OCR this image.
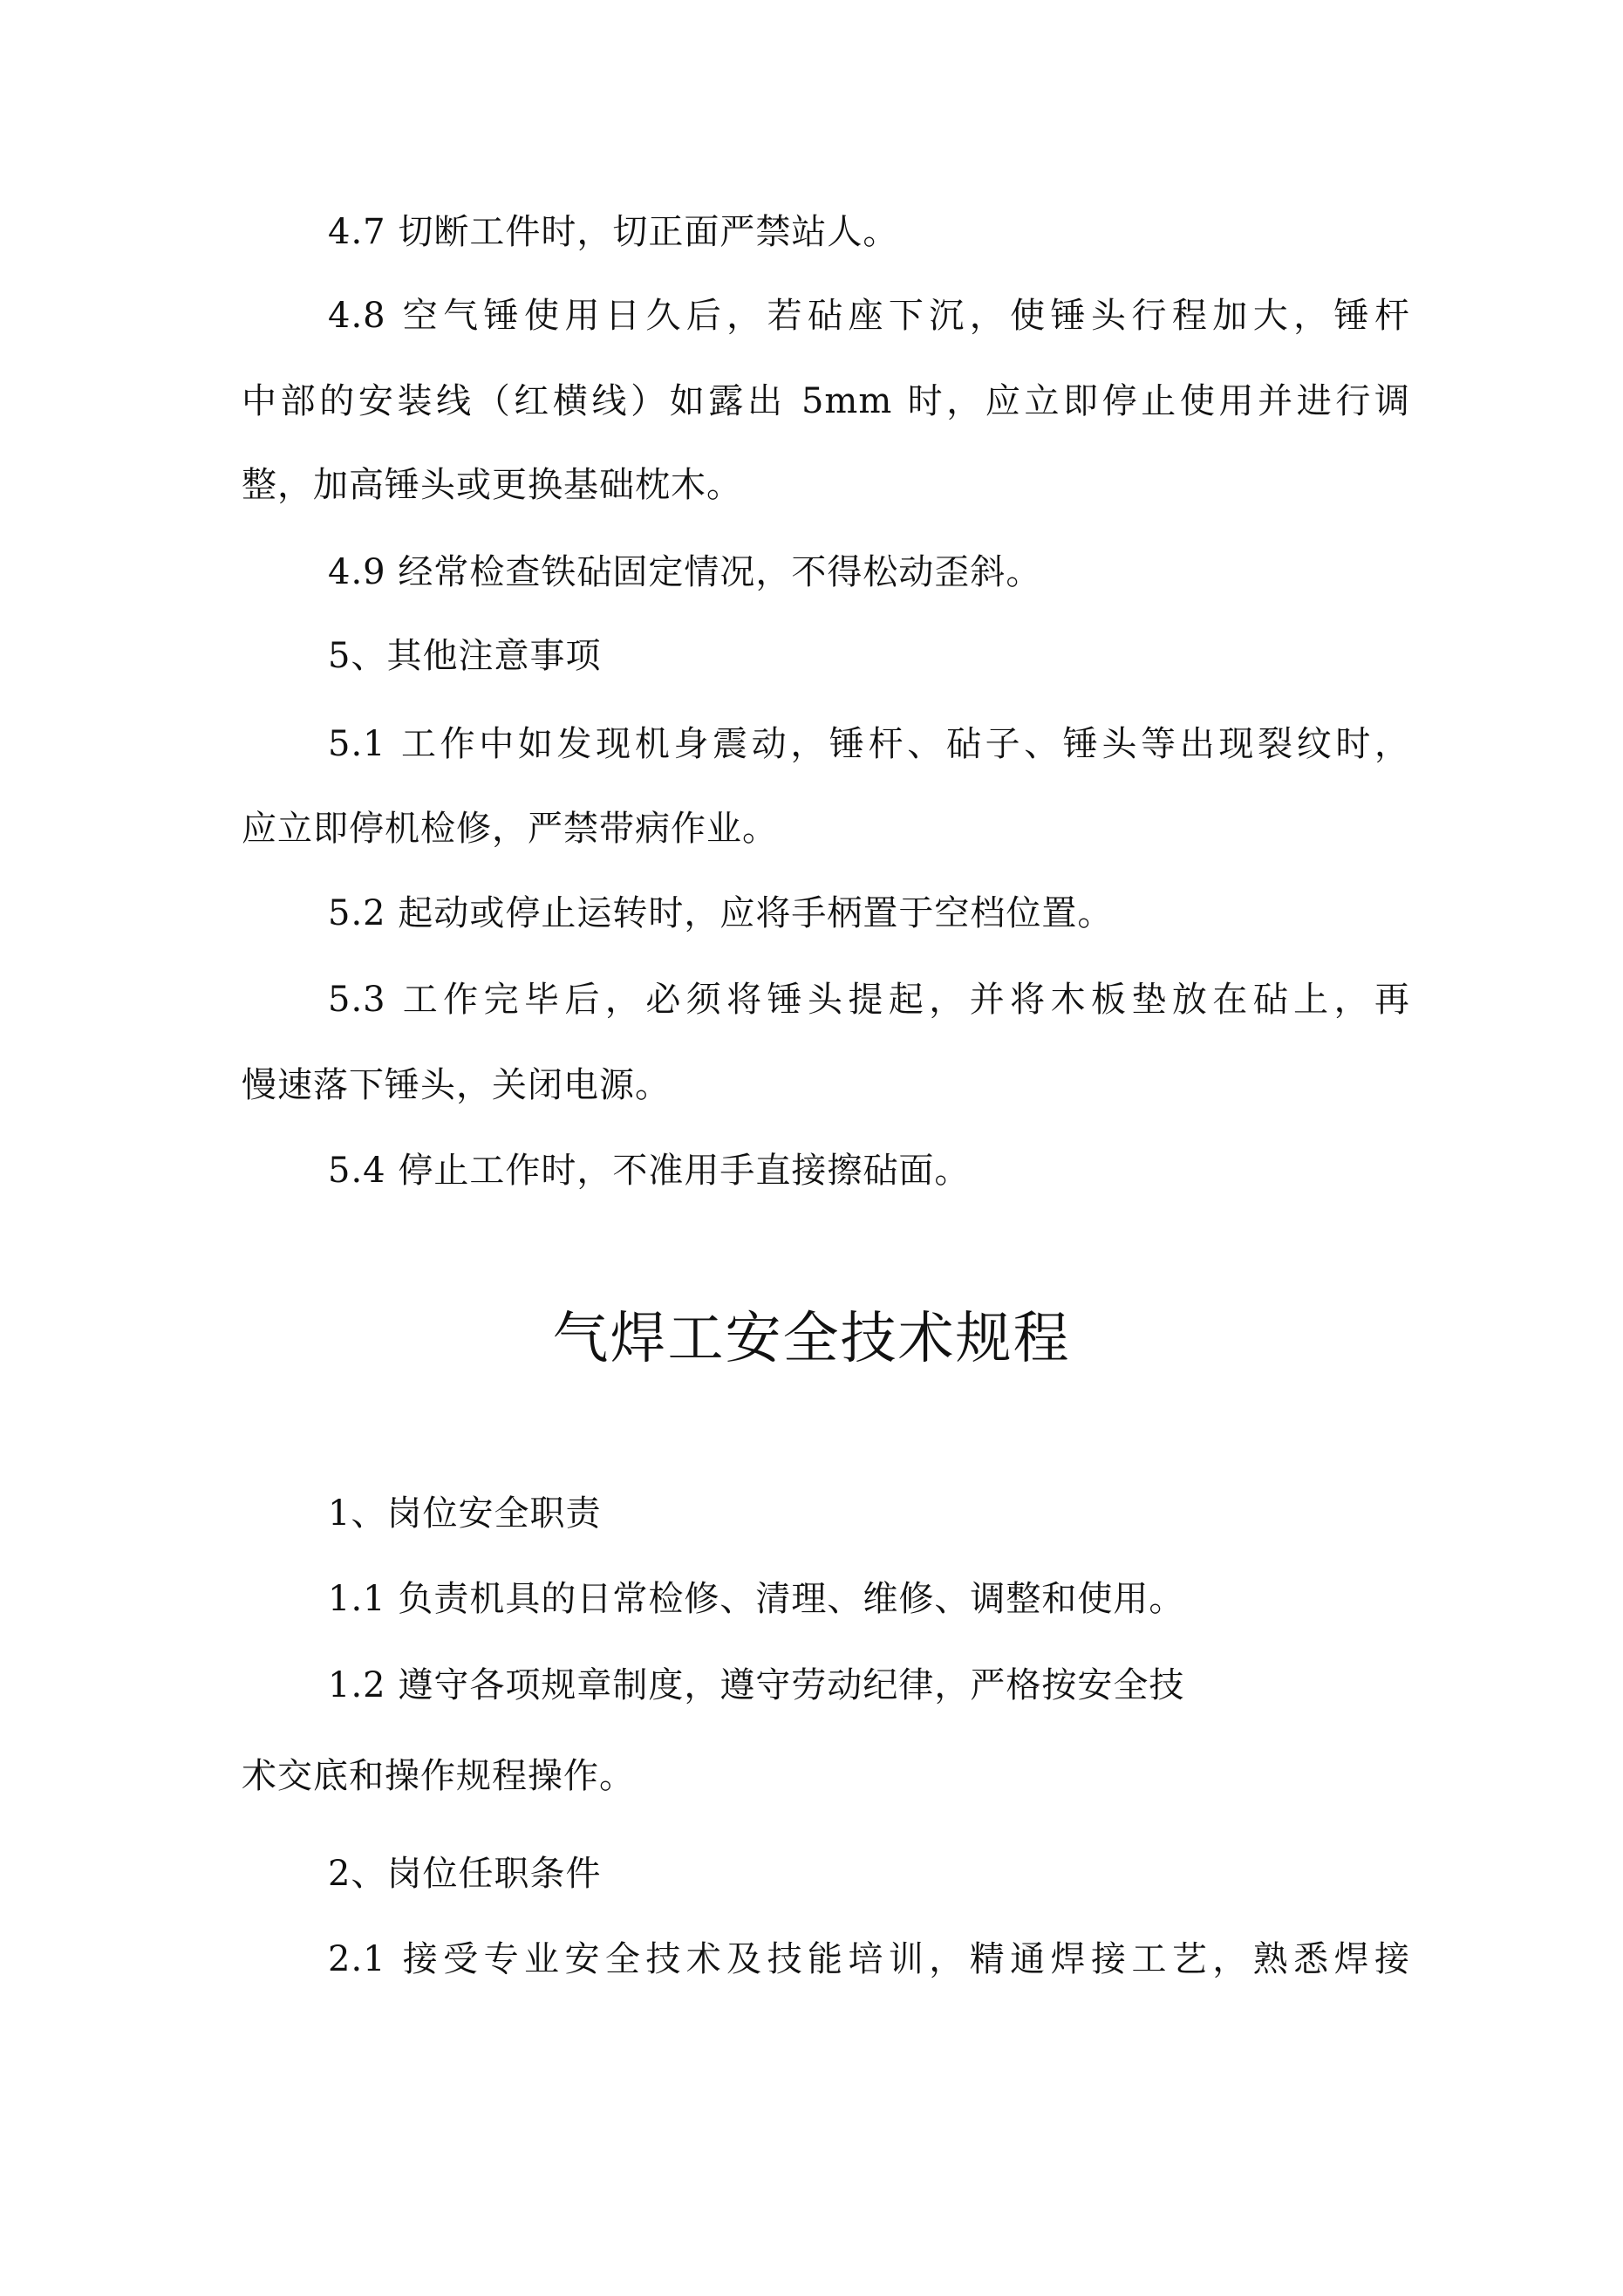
4.7 切断工件时，切正面严禁站人。
4.8 空气锤使用日久后，若砧座下沉，使锤头行程加大，锤杆
中部的安装线（红横线）如露出 5mm 时，应立即停止使用并进行调
整，加高锤头或更换基础枕木。
4.9 经常检查铁砧固定情况，不得松动歪斜。
5、其他注意事项
5.1 工作中如发现机身震动，锤杆、砧子、锤头等出现裂纹时，
应立即停机检修，严禁带病作业。
5.2 起动或停止运转时，应将手柄置于空档位置。
5.3 工作完毕后，必须将锤头提起，并将木板垫放在砧上，再
慢速落下锤头，关闭电源。
5.4 停止工作时，不准用手直接擦砧面。
气焊工安全技术规程
1、岗位安全职责
1.1 负责机具的日常检修、清理、维修、调整和使用。
1.2 遵守各项规章制度，遵守劳动纪律，严格按安全技
术交底和操作规程操作。
2、岗位任职条件
2.1 接受专业安全技术及技能培训，精通焊接工艺，熟悉焊接
